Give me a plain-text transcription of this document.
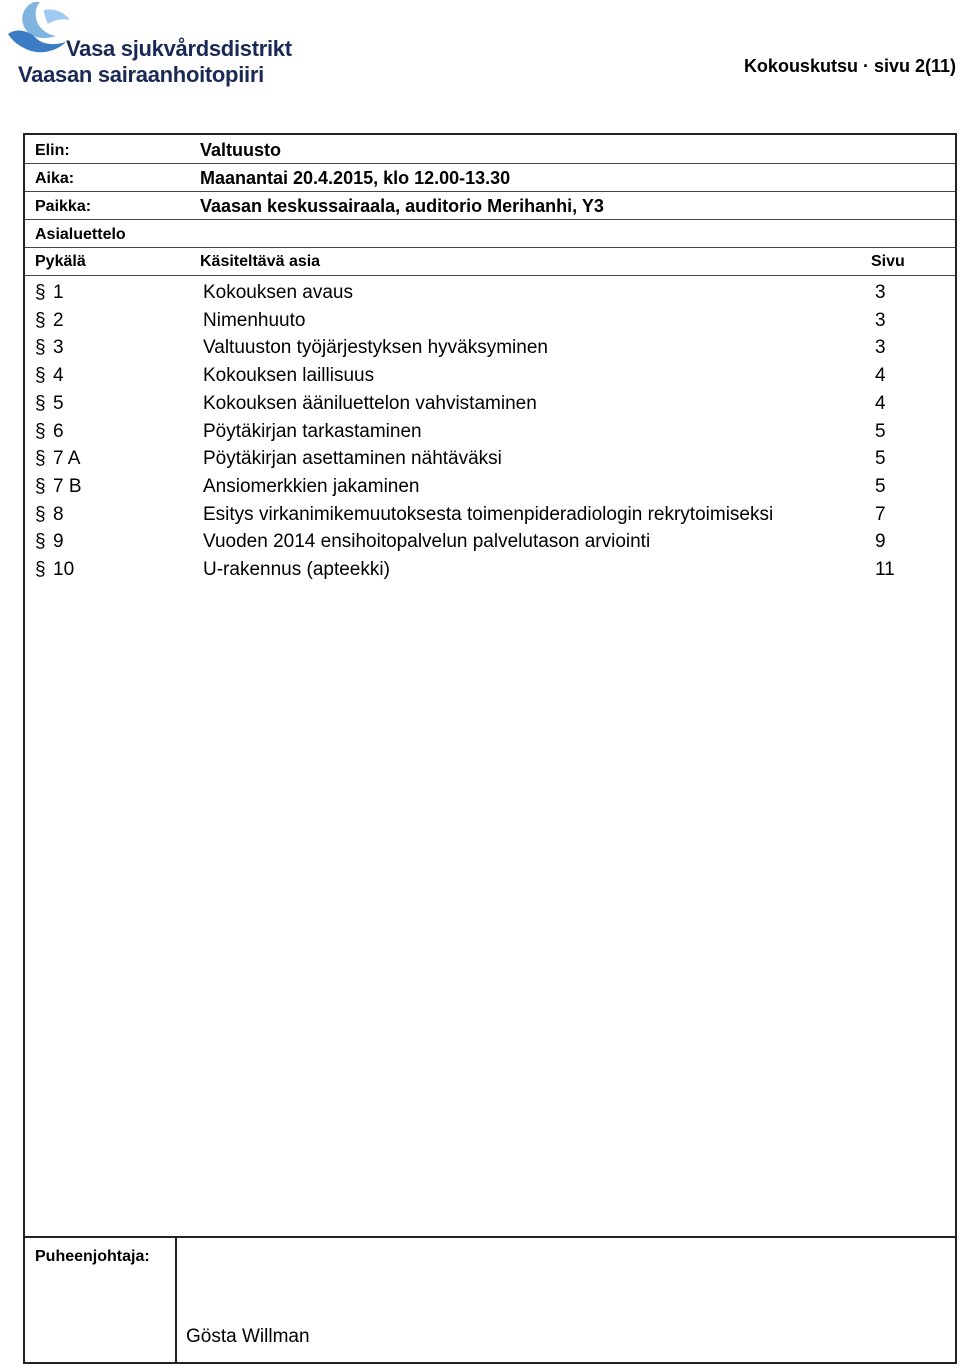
Vasa sjukvårdsdistrikt
Vaasan sairaanhoitopiiri	Kokouskutsu · sivu 2(11)
Elin:	Valtuusto
Aika:	Maanantai 20.4.2015, klo 12.00-13.30
Paikka:	Vaasan keskussairaala, auditorio Merihanhi, Y3
Asialuettelo
Pykälä	Käsiteltävä asia	Sivu
§ 1	Kokouksen avaus	3
§ 2	Nimenhuuto	3
§ 3	Valtuuston työjärjestyksen hyväksyminen	3
§ 4	Kokouksen laillisuus	4
§ 5	Kokouksen ääniluettelon vahvistaminen	4
§ 6	Pöytäkirjan tarkastaminen	5
§ 7 A	Pöytäkirjan asettaminen nähtäväksi	5
§ 7 B	Ansiomerkkien jakaminen	5
§ 8	Esitys virkanimikemuutoksesta toimenpideradiologin rekrytoimiseksi	7
§ 9	Vuoden 2014 ensihoitopalvelun palvelutason arviointi	9
§ 10	U-rakennus (apteekki)	11
Puheenjohtaja:
Gösta Willman
